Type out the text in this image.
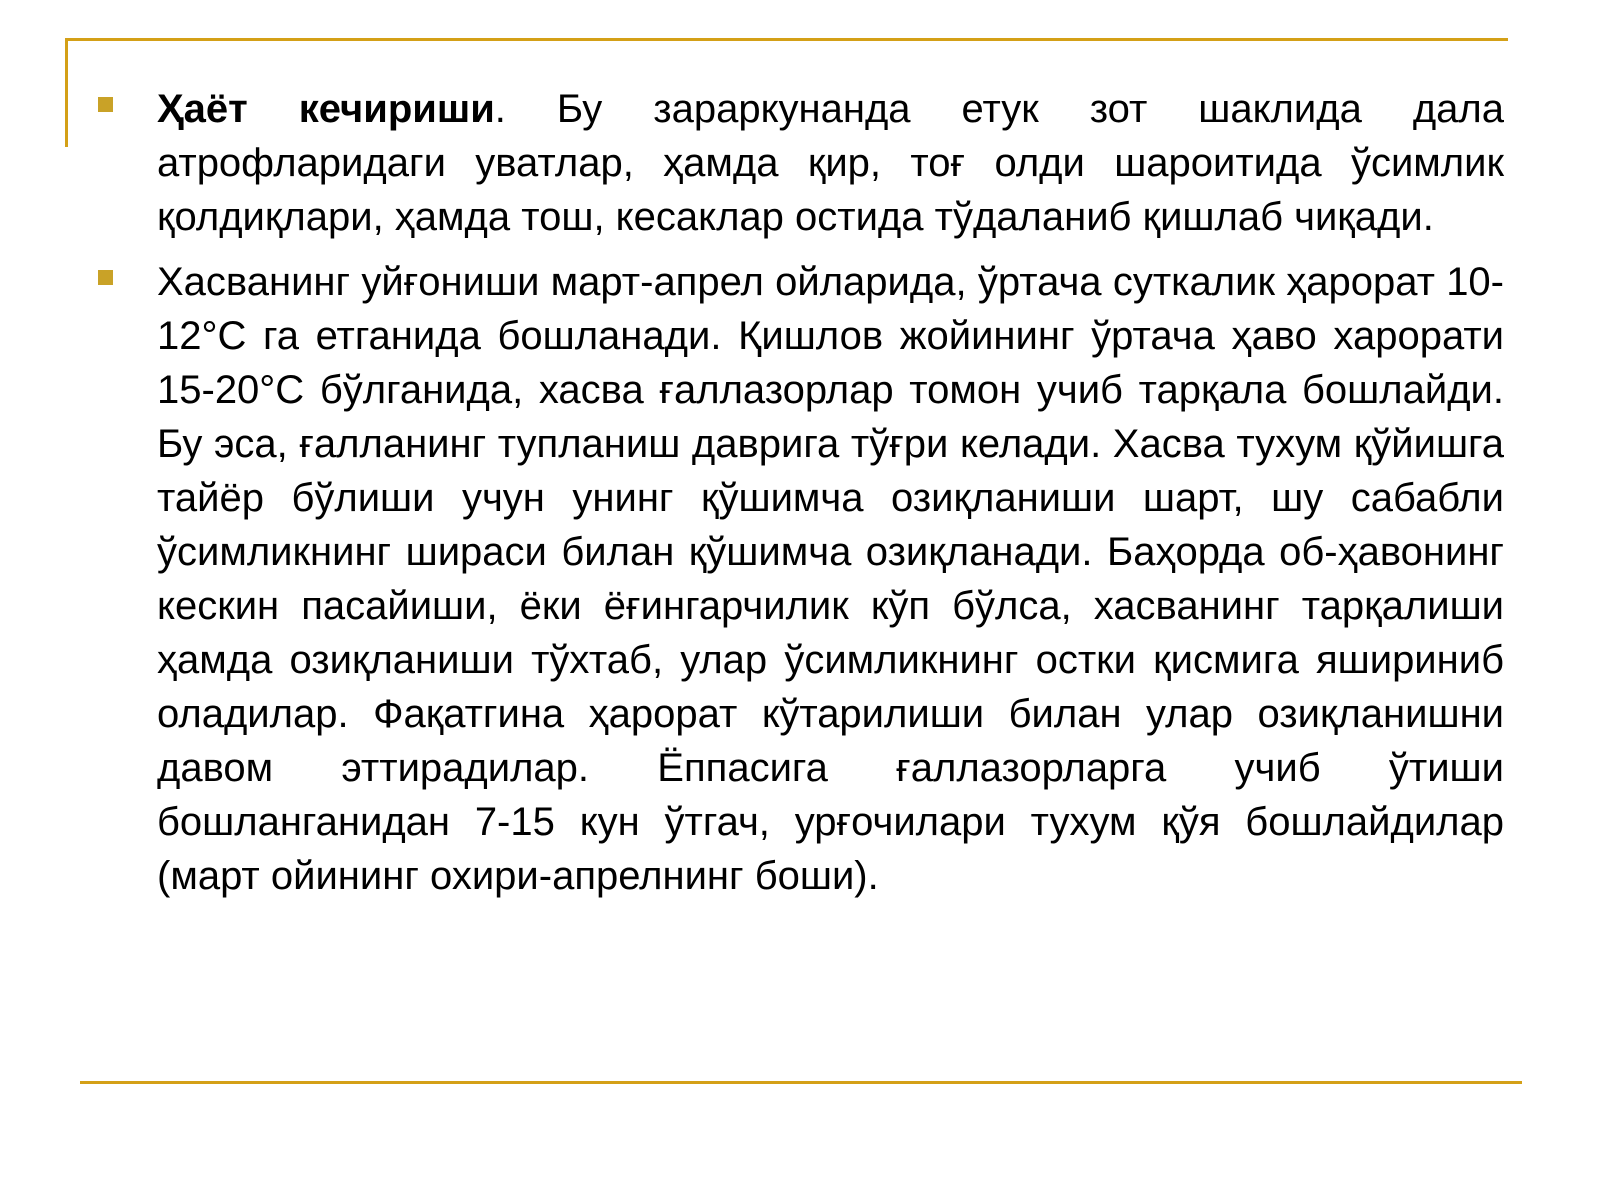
Ҳаёт кечириши. Бу зараркунанда етук зот шаклида дала атрофларидаги уватлар, ҳамда қир, тоғ олди шароитида ўсимлик қолдиқлари, ҳамда тош, кесаклар остида тўдаланиб қишлаб чиқади.

Хасванинг уйғониши март-апрел ойларида, ўртача суткалик ҳарорат 10-12°С га етганида бошланади. Қишлов жойининг ўртача ҳаво харорати 15-20°С бўлганида, хасва ғаллазорлар томон учиб тарқала бошлайди. Бу эса, ғалланинг тупланиш даврига тўғри келади. Хасва тухум қўйишга тайёр бўлиши учун унинг қўшимча озиқланиши шарт, шу сабабли ўсимликнинг шираси билан қўшимча озиқланади. Баҳорда об-ҳавонинг кескин пасайиши, ёки ёғингарчилик кўп бўлса, хасванинг тарқалиши ҳамда озиқланиши тўхтаб, улар ўсимликнинг остки қисмига яшириниб оладилар. Фақатгина ҳарорат кўтарилиши билан улар озиқланишни давом эттирадилар. Ёппасига ғаллазорларга учиб ўтиши бошланганидан 7-15 кун ўтгач, урғочилари тухум қўя бошлайдилар (март ойининг охири-апрелнинг боши).
